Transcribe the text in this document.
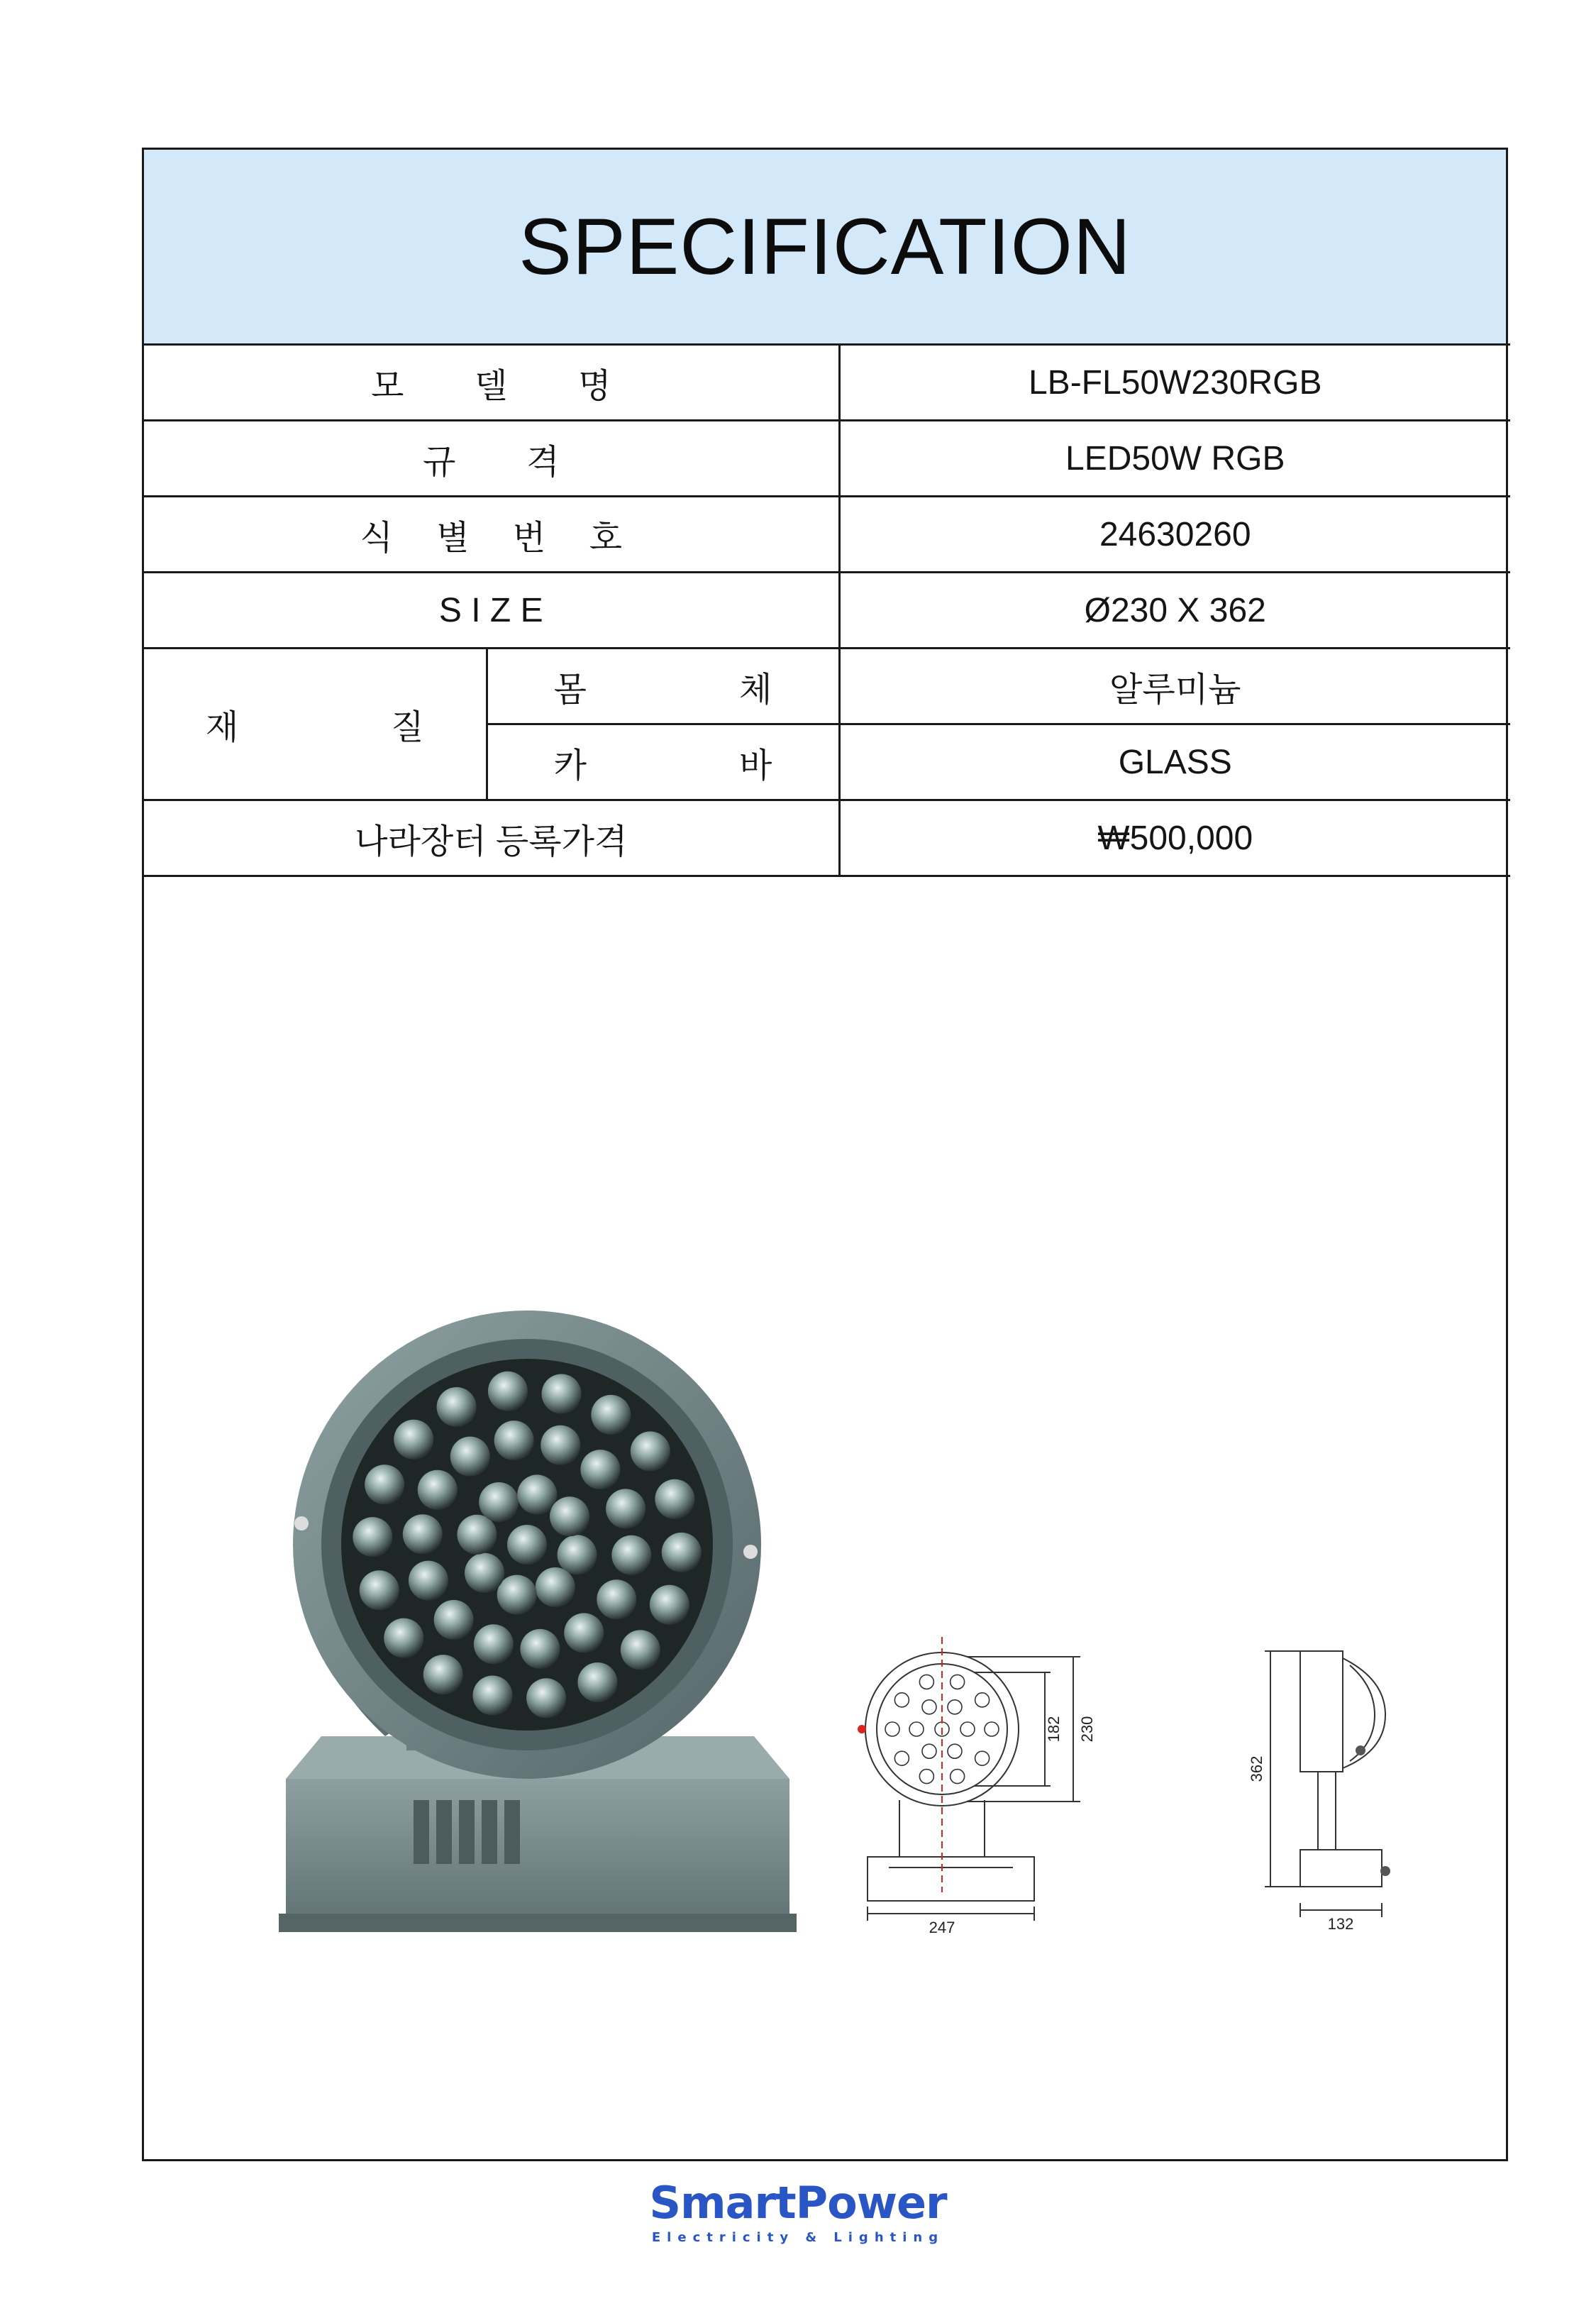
SPECIFICATION
모 델 명		LB-FL50W230RGB
규 격		LED50W RGB
식 별 번 호		24630260
S I Z E		Ø230 X 362
재 질	몸 체	알루미늄
	카 바	GLASS
나라장터 등록가격		₩500,000
247
230
182
362
132
SmartPower
Electricity & Lighting
